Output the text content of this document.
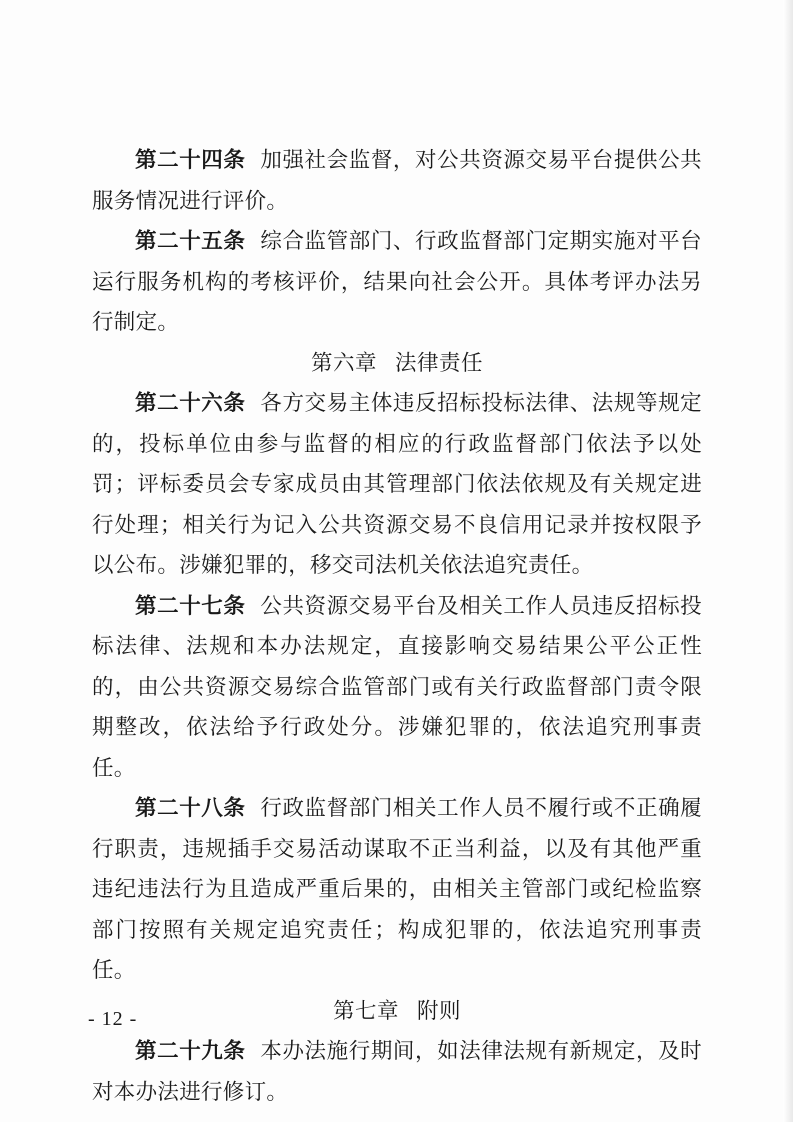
第二十四条 加强社会监督，对公共资源交易平台提供公共服务情况进行评价。

第二十五条 综合监管部门、行政监督部门定期实施对平台运行服务机构的考核评价，结果向社会公开。具体考评办法另行制定。

第六章 法律责任

第二十六条 各方交易主体违反招标投标法律、法规等规定的，投标单位由参与监督的相应的行政监督部门依法予以处罚；评标委员会专家成员由其管理部门依法依规及有关规定进行处理；相关行为记入公共资源交易不良信用记录并按权限予以公布。涉嫌犯罪的，移交司法机关依法追究责任。

第二十七条 公共资源交易平台及相关工作人员违反招标投标法律、法规和本办法规定，直接影响交易结果公平公正性的，由公共资源交易综合监管部门或有关行政监督部门责令限期整改，依法给予行政处分。涉嫌犯罪的，依法追究刑事责任。

第二十八条 行政监督部门相关工作人员不履行或不正确履行职责，违规插手交易活动谋取不正当利益，以及有其他严重违纪违法行为且造成严重后果的，由相关主管部门或纪检监察部门按照有关规定追究责任；构成犯罪的，依法追究刑事责任。

第七章 附则

第二十九条 本办法施行期间，如法律法规有新规定，及时对本办法进行修订。

- 12 -
